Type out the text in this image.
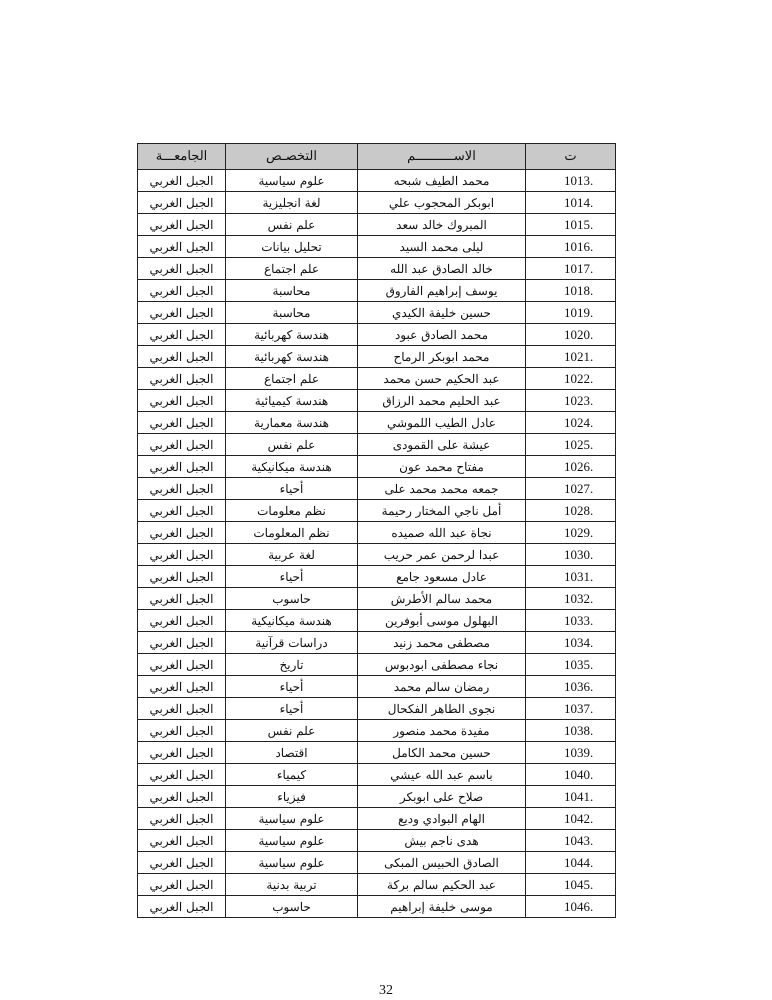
الجامعـــة	التخصـص	الاســــــــــم	ت
الجبل الغربي	علوم سياسية	محمد الطيف شبحه	1013.
الجبل الغربي	لغة انجليزية	ابوبكر المحجوب علي	1014.
الجبل الغربي	علم نفس	المبروك خالد سعد	1015.
الجبل الغربي	تحليل بيانات	ليلى محمد السيد	1016.
الجبل الغربي	علم اجتماع	خالد الصادق عبد الله	1017.
الجبل الغربي	محاسبة	يوسف إبراهيم الفاروق	1018.
الجبل الغربي	محاسبة	حسين خليفة الكيدي	1019.
الجبل الغربي	هندسة كهربائية	محمد الصادق عبود	1020.
الجبل الغربي	هندسة كهربائية	محمد ابوبكر الرماح	1021.
الجبل الغربي	علم اجتماع	عبد الحكيم حسن محمد	1022.
الجبل الغربي	هندسة كيميائية	عبد الحليم محمد الرزاق	1023.
الجبل الغربي	هندسة معمارية	عادل الطيب اللموشي	1024.
الجبل الغربي	علم نفس	عيشة على القمودى	1025.
الجبل الغربي	هندسة ميكانيكية	مفتاح محمد عون	1026.
الجبل الغربي	أحياء	جمعه محمد محمد على	1027.
الجبل الغربي	نظم معلومات	أمل ناجي المختار رحيمة	1028.
الجبل الغربي	نظم المعلومات	نجاة عبد الله صميده	1029.
الجبل الغربي	لغة عربية	عبدا لرحمن عمر حريب	1030.
الجبل الغربي	أحياء	عادل مسعود جامع	1031.
الجبل الغربي	حاسوب	محمد سالم الأطرش	1032.
الجبل الغربي	هندسة ميكانيكية	البهلول موسى أبوفرين	1033.
الجبل الغربي	دراسات قرآنية	مصطفى محمد زنيد	1034.
الجبل الغربي	تاريخ	نجاء مصطفى ابودبوس	1035.
الجبل الغربي	أحياء	رمضان سالم محمد	1036.
الجبل الغربي	أحياء	نجوى الطاهر الفكحال	1037.
الجبل الغربي	علم نفس	مفيدة محمد منصور	1038.
الجبل الغربي	اقتصاد	حسين محمد الكامل	1039.
الجبل الغربي	كيمياء	باسم عبد الله عيشي	1040.
الجبل الغربي	فيزياء	صلاح على ابوبكر	1041.
الجبل الغربي	علوم سياسية	الهام البوادي وديع	1042.
الجبل الغربي	علوم سياسية	هدى ناجم بيش	1043.
الجبل الغربي	علوم سياسية	الصادق الحبيس المبكى	1044.
الجبل الغربي	تربية بدنية	عبد الحكيم سالم بركة	1045.
الجبل الغربي	حاسوب	موسى خليفة إبراهيم	1046.
32
